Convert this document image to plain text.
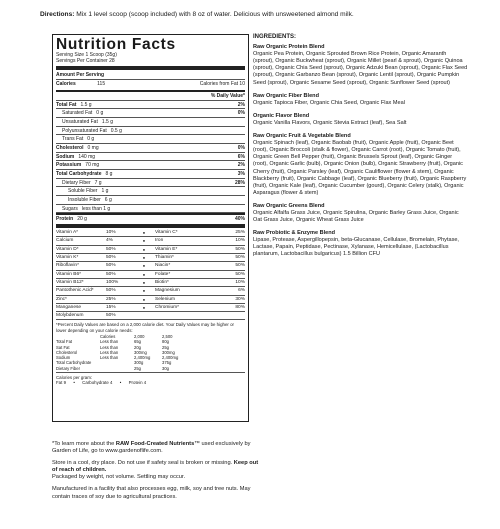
Directions: Mix 1 level scoop (scoop included) with 8 oz of water. Delicious with unsweetened almond milk.
Nutrition Facts
Serving Size 1 Scoop (35g)
Servings Per Container 28
Amount Per Serving
Calories	115	Calories from Fat 10
% Daily Value*
Total Fat 1.5 g	2%
Saturated Fat 0 g	0%
Unsaturated Fat 1.5 g
Polyunsaturated Fat 0.5 g
Trans Fat 0 g
Cholesterol 0 mg	0%
Sodium 140 mg	6%
Potassium 70 mg	2%
Total Carbohydrate 8 g	3%
Dietary Fiber 7 g	28%
Soluble Fiber 1 g
Insoluble Fiber 6 g
Sugars less than 1 g
Protein 20 g	40%
Vitamin A*	10%	●	Vitamin C*	25%
Calcium	4%	●	Iron	10%
Vitamin D*	50%	●	Vitamin E*	50%
Vitamin K*	50%	●	Thiamin*	50%
Riboflavin*	50%	●	Niacin*	50%
Vitamin B6*	50%	●	Folate*	50%
Vitamin B12*	100%	●	Biotin*	10%
Pantothenic Acid*	50%	●	Magnesium	6%
Zinc*	25%	●	Selenium	30%
Manganese	15%	●	Chromium*	80%
Molybdenum	50%
*Percent Daily Values are based on a 2,000 calorie diet. Your Daily Values may be higher or lower depending on your calorie needs:
Calories	2,000	2,500
Total Fat	Less than	65g	80g
Sat Fat	Less than	20g	25g
Cholesterol	Less than	300mg	300mg
Sodium	Less than	2,400mg	2,400mg
Total Carbohydrate	300g	375g
Dietary Fiber	25g	30g
Calories per gram:
Fat 9      •      Carbohydrate 4      •      Protein 4

*To learn more about the RAW Food-Created Nutrients™ used exclusively by Garden of Life, go to www.gardenoflife.com.

Store in a cool, dry place. Do not use if safety seal is broken or missing. Keep out of reach of children.
Packaged by weight, not volume. Settling may occur.

Manufactured in a facility that also processes egg, milk, soy and tree nuts. May contain traces of soy due to agricultural practices.

INGREDIENTS:
Raw Organic Protein Blend
Organic Pea Protein, Organic Sprouted Brown Rice Protein, Organic Amaranth (sprout), Organic Buckwheat (sprout), Organic Millet (pearl & sprout), Organic Quinoa (sprout), Organic Chia Seed (sprout), Organic Adzuki Bean (sprout), Organic Flax Seed (sprout), Organic Garbanzo Bean (sprout), Organic Lentil (sprout), Organic Pumpkin Seed (sprout), Organic Sesame Seed (sprout), Organic Sunflower Seed (sprout)
Raw Organic Fiber Blend
Organic Tapioca Fiber, Organic Chia Seed, Organic Flax Meal
Organic Flavor Blend
Organic Vanilla Flavors, Organic Stevia Extract (leaf), Sea Salt
Raw Organic Fruit & Vegetable Blend
Organic Spinach (leaf), Organic Baobab (fruit), Organic Apple (fruit), Organic Beet (root), Organic Broccoli (stalk & flower), Organic Carrot (root), Organic Tomato (fruit), Organic Green Bell Pepper (fruit), Organic Brussels Sprout (leaf), Organic Ginger (root), Organic Garlic (bulb), Organic Onion (bulb), Organic Strawberry (fruit), Organic Cherry (fruit), Organic Parsley (leaf), Organic Cauliflower (flower & stem), Organic Blackberry (fruit), Organic Cabbage (leaf), Organic Blueberry (fruit), Organic Raspberry (fruit), Organic Kale (leaf), Organic Cucumber (gourd), Organic Celery (stalk), Organic Asparagus (flower & stem)
Raw Organic Greens Blend
Organic Alfalfa Grass Juice, Organic Spirulina, Organic Barley Grass Juice, Organic Oat Grass Juice, Organic Wheat Grass Juice
Raw Probiotic & Enzyme Blend
Lipase, Protease, Aspergillopepsin, beta-Glucanase, Cellulase, Bromelain, Phytase, Lactase, Papain, Peptidase, Pectinase, Xylanase, Hemicellulase, (Lactobacillus plantarum, Lactobacillus bulgaricus) 1.5 Billion CFU
